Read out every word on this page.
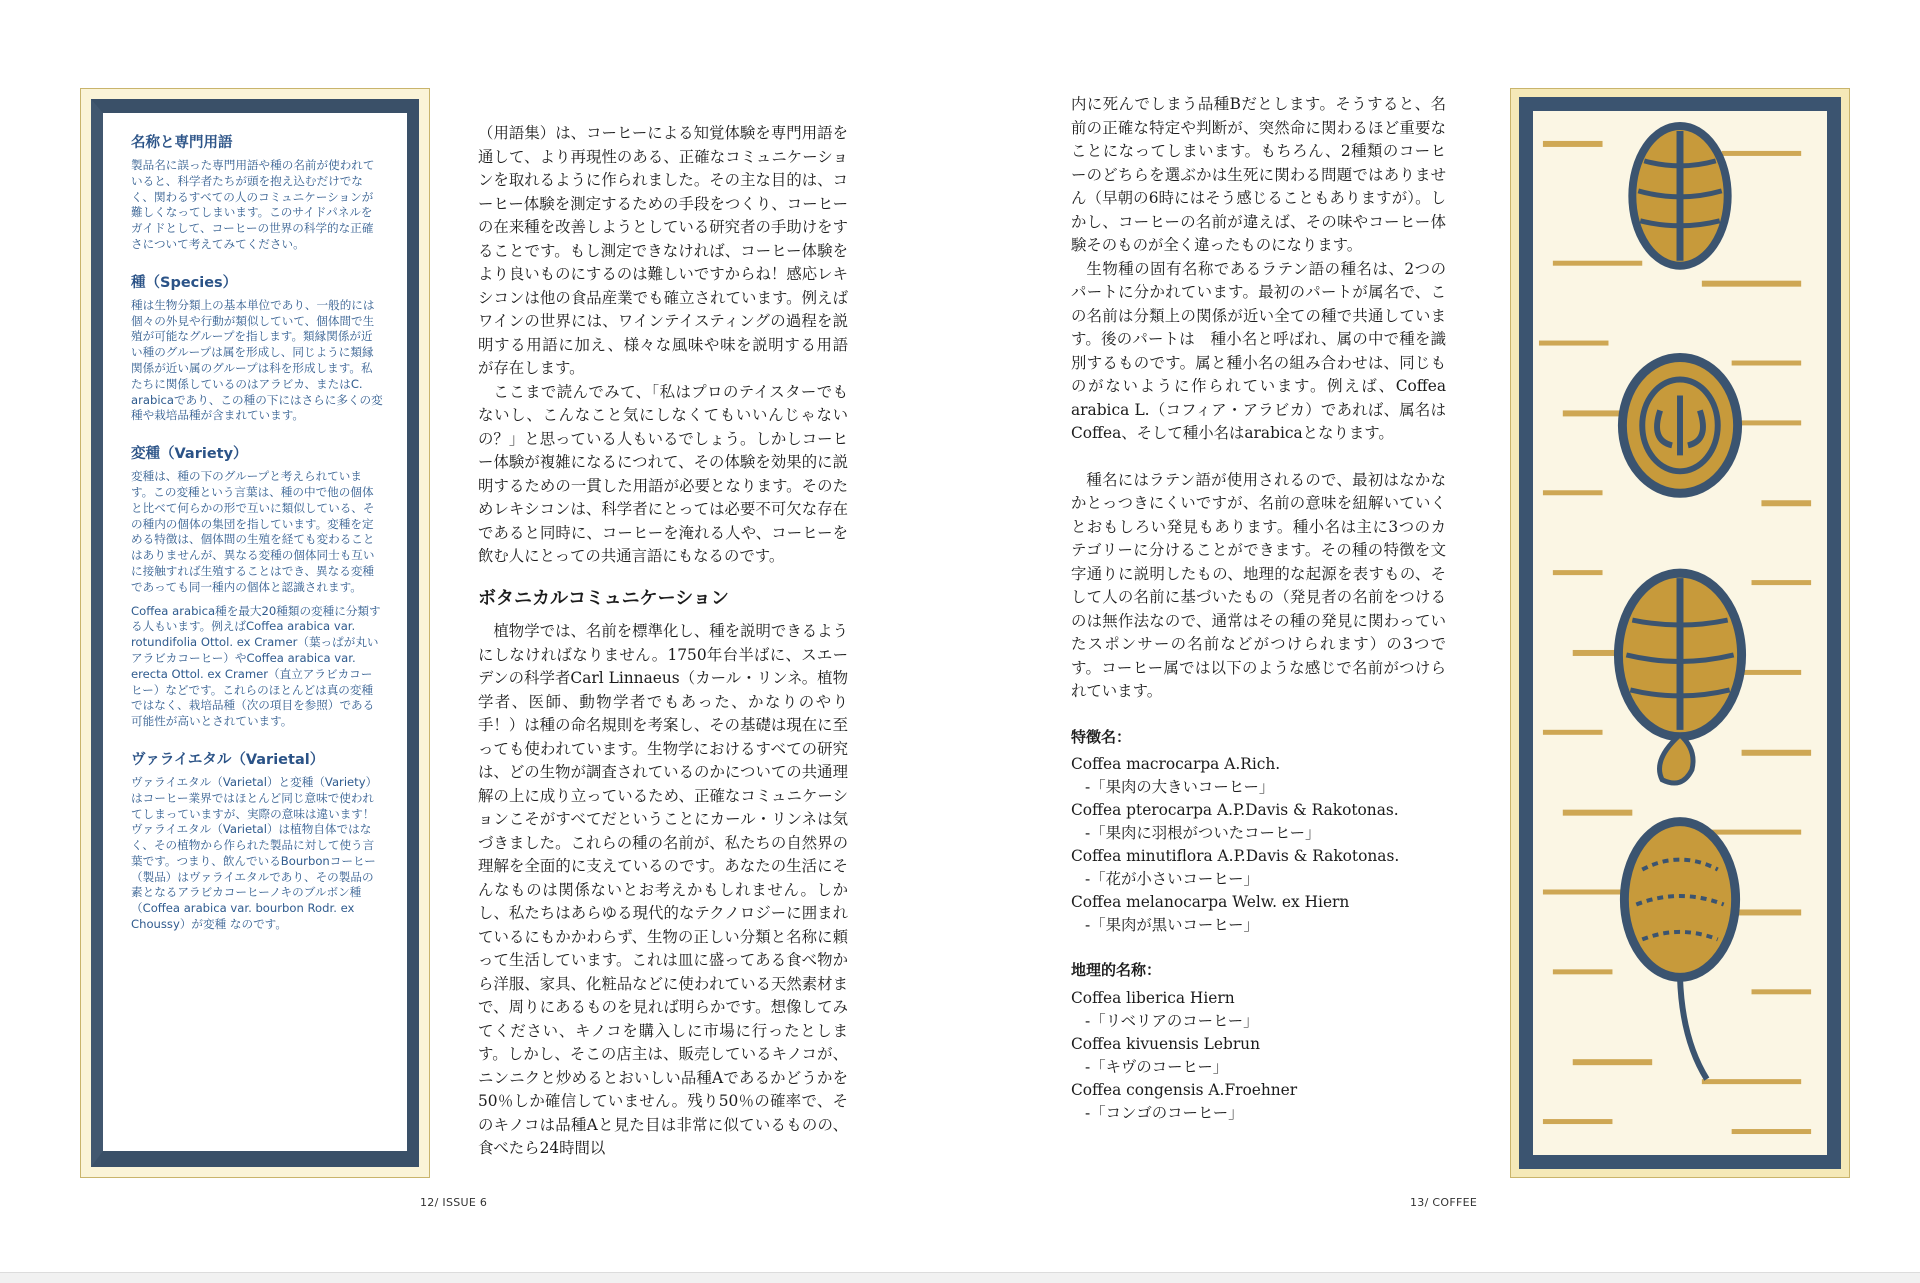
名称と専門用語

製品名に誤った専門用語や種の名前が使われていると、科学者たちが頭を抱え込むだけでなく、関わるすべての人のコミュニケーションが難しくなってしまいます。このサイドパネルをガイドとして、コーヒーの世界の科学的な正確さについて考えてみてください。

種（Species）

種は生物分類上の基本単位であり、一般的には個々の外見や行動が類似していて、個体間で生殖が可能なグループを指します。類縁関係が近い種のグループは属を形成し、同じように類縁関係が近い属のグループは科を形成します。私たちに関係しているのはアラビカ、またはC. arabicaであり、この種の下にはさらに多くの変種や栽培品種が含まれています。

変種（Variety）

変種は、種の下のグループと考えられています。この変種という言葉は、種の中で他の個体と比べて何らかの形で互いに類似している、その種内の個体の集団を指しています。変種を定める特徴は、個体間の生殖を経ても変わることはありませんが、異なる変種の個体同士も互いに接触すれば生殖することはでき、異なる変種であっても同一種内の個体と認識されます。

Coffea arabica種を最大20種類の変種に分類する人もいます。例えばCoffea arabica var. rotundifolia Ottol. ex Cramer（葉っぱが丸いアラビカコーヒー）やCoffea arabica var. erecta Ottol. ex Cramer（直立アラビカコーヒー）などです。これらのほとんどは真の変種ではなく、栽培品種（次の項目を参照）である可能性が高いとされています。

ヴァライエタル（Varietal）

ヴァライエタル（Varietal）と変種（Variety）はコーヒー業界ではほとんど同じ意味で使われてしまっていますが、実際の意味は違います！ヴァライエタル（Varietal）は植物自体ではなく、その植物から作られた製品に対して使う言葉です。つまり、飲んでいるBourbonコーヒー（製品）はヴァライエタルであり、その製品の素となるアラビカコーヒーノキのブルボン種（Coffea arabica var. bourbon Rodr. ex Choussy）が変種 なのです。

（用語集）は、コーヒーによる知覚体験を専門用語を通して、より再現性のある、正確なコミュニケーションを取れるように作られました。その主な目的は、コーヒー体験を測定するための手段をつくり、コーヒーの在来種を改善しようとしている研究者の手助けをすることです。もし測定できなければ、コーヒー体験をより良いものにするのは難しいですからね！感応レキシコンは他の食品産業でも確立されています。例えばワインの世界には、ワインテイスティングの過程を説明する用語に加え、様々な風味や味を説明する用語が存在します。

ここまで読んでみて、「私はプロのテイスターでもないし、こんなこと気にしなくてもいいんじゃないの？」と思っている人もいるでしょう。しかしコーヒー体験が複雑になるにつれて、その体験を効果的に説明するための一貫した用語が必要となります。そのためレキシコンは、科学者にとっては必要不可欠な存在であると同時に、コーヒーを淹れる人や、コーヒーを飲む人にとっての共通言語にもなるのです。

ボタニカルコミュニケーション

植物学では、名前を標準化し、種を説明できるようにしなければなりません。1750年台半ばに、スエーデンの科学者Carl Linnaeus（カール・リンネ。植物学者、医師、動物学者でもあった、かなりのやり手！）は種の命名規則を考案し、その基礎は現在に至っても使われています。生物学におけるすべての研究は、どの生物が調査されているのかについての共通理解の上に成り立っているため、正確なコミュニケーションこそがすべてだということにカール・リンネは気づきました。これらの種の名前が、私たちの自然界の理解を全面的に支えているのです。あなたの生活にそんなものは関係ないとお考えかもしれません。しかし、私たちはあらゆる現代的なテクノロジーに囲まれているにもかかわらず、生物の正しい分類と名称に頼って生活しています。これは皿に盛ってある食べ物から洋服、家具、化粧品などに使われている天然素材まで、周りにあるものを見れば明らかです。想像してみてください、キノコを購入しに市場に行ったとします。しかし、そこの店主は、販売しているキノコが、ニンニクと炒めるとおいしい品種Aであるかどうかを50％しか確信していません。残り50％の確率で、そのキノコは品種Aと見た目は非常に似ているものの、食べたら24時間以

内に死んでしまう品種Bだとします。そうすると、名前の正確な特定や判断が、突然命に関わるほど重要なことになってしまいます。もちろん、2種類のコーヒーのどちらを選ぶかは生死に関わる問題ではありません（早朝の6時にはそう感じることもありますが）。しかし、コーヒーの名前が違えば、その味やコーヒー体験そのものが全く違ったものになります。

生物種の固有名称であるラテン語の種名は、2つのパートに分かれています。最初のパートが属名で、この名前は分類上の関係が近い全ての種で共通しています。後のパートは　種小名と呼ばれ、属の中で種を識別するものです。属と種小名の組み合わせは、同じものがないように作られています。例えば、Coffea arabica L.（コフィア・アラビカ）であれば、属名はCoffea、そして種小名はarabicaとなります。

種名にはラテン語が使用されるので、最初はなかなかとっつきにくいですが、名前の意味を紐解いていくとおもしろい発見もあります。種小名は主に3つのカテゴリーに分けることができます。その種の特徴を文字通りに説明したもの、地理的な起源を表すもの、そして人の名前に基づいたもの（発見者の名前をつけるのは無作法なので、通常はその種の発見に関わっていたスポンサーの名前などがつけられます）の3つです。コーヒー属では以下のような感じで名前がつけられています。

特徴名：

Coffea macrocarpa A.Rich.

-「果肉の大きいコーヒー」

Coffea pterocarpa A.P.Davis & Rakotonas.

-「果肉に羽根がついたコーヒー」

Coffea minutiflora A.P.Davis & Rakotonas.

-「花が小さいコーヒー」

Coffea melanocarpa Welw. ex Hiern

-「果肉が黒いコーヒー」

地理的名称：

Coffea liberica Hiern

-「リベリアのコーヒー」

Coffea kivuensis Lebrun

-「キヴのコーヒー」

Coffea congensis A.Froehner

-「コンゴのコーヒー」

12/ ISSUE 6	13/ COFFEE
